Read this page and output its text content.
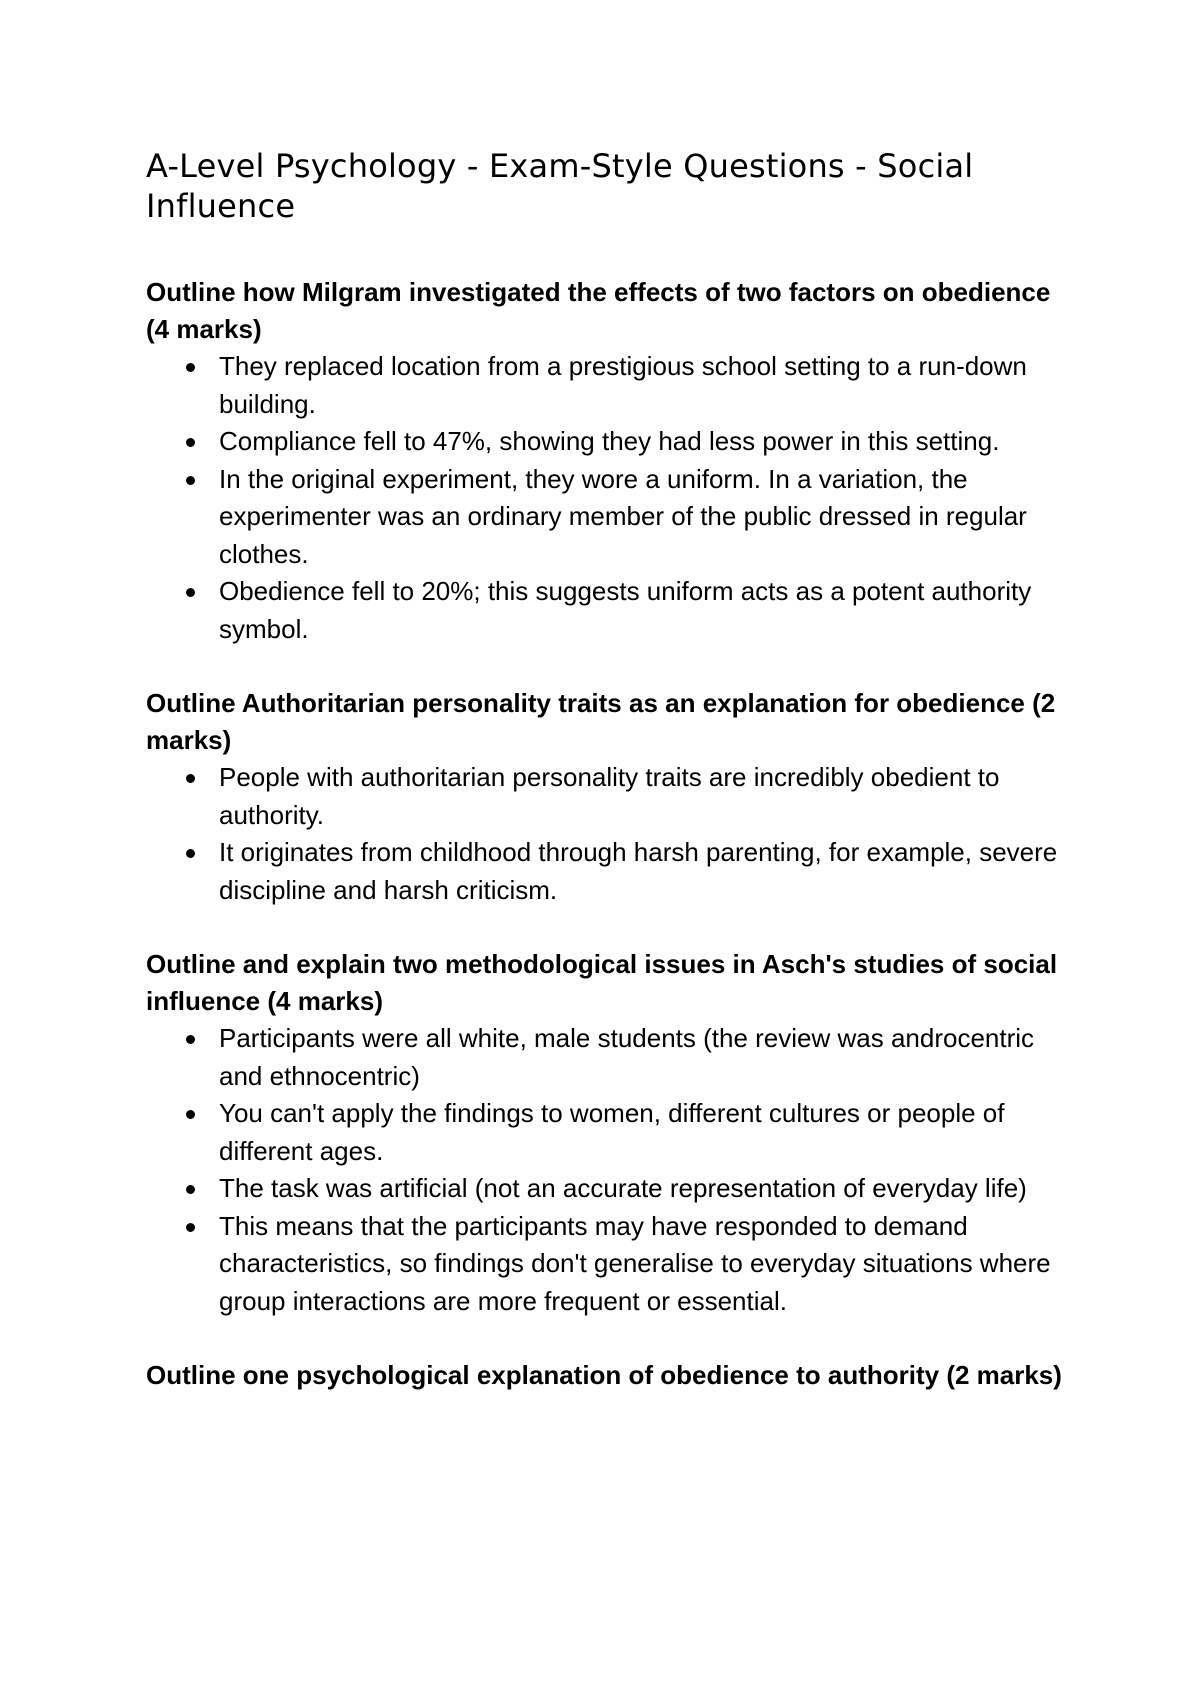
A-Level Psychology - Exam-Style Questions - Social Influence

Outline how Milgram investigated the effects of two factors on obedience (4 marks)

They replaced location from a prestigious school setting to a run-down building.
Compliance fell to 47%, showing they had less power in this setting.
In the original experiment, they wore a uniform. In a variation, the experimenter was an ordinary member of the public dressed in regular clothes.
Obedience fell to 20%; this suggests uniform acts as a potent authority symbol.

Outline Authoritarian personality traits as an explanation for obedience (2 marks)

People with authoritarian personality traits are incredibly obedient to authority.
It originates from childhood through harsh parenting, for example, severe discipline and harsh criticism.

Outline and explain two methodological issues in Asch's studies of social influence (4 marks)

Participants were all white, male students (the review was androcentric and ethnocentric)
You can't apply the findings to women, different cultures or people of different ages.
The task was artificial (not an accurate representation of everyday life)
This means that the participants may have responded to demand characteristics, so findings don't generalise to everyday situations where group interactions are more frequent or essential.

Outline one psychological explanation of obedience to authority (2 marks)
